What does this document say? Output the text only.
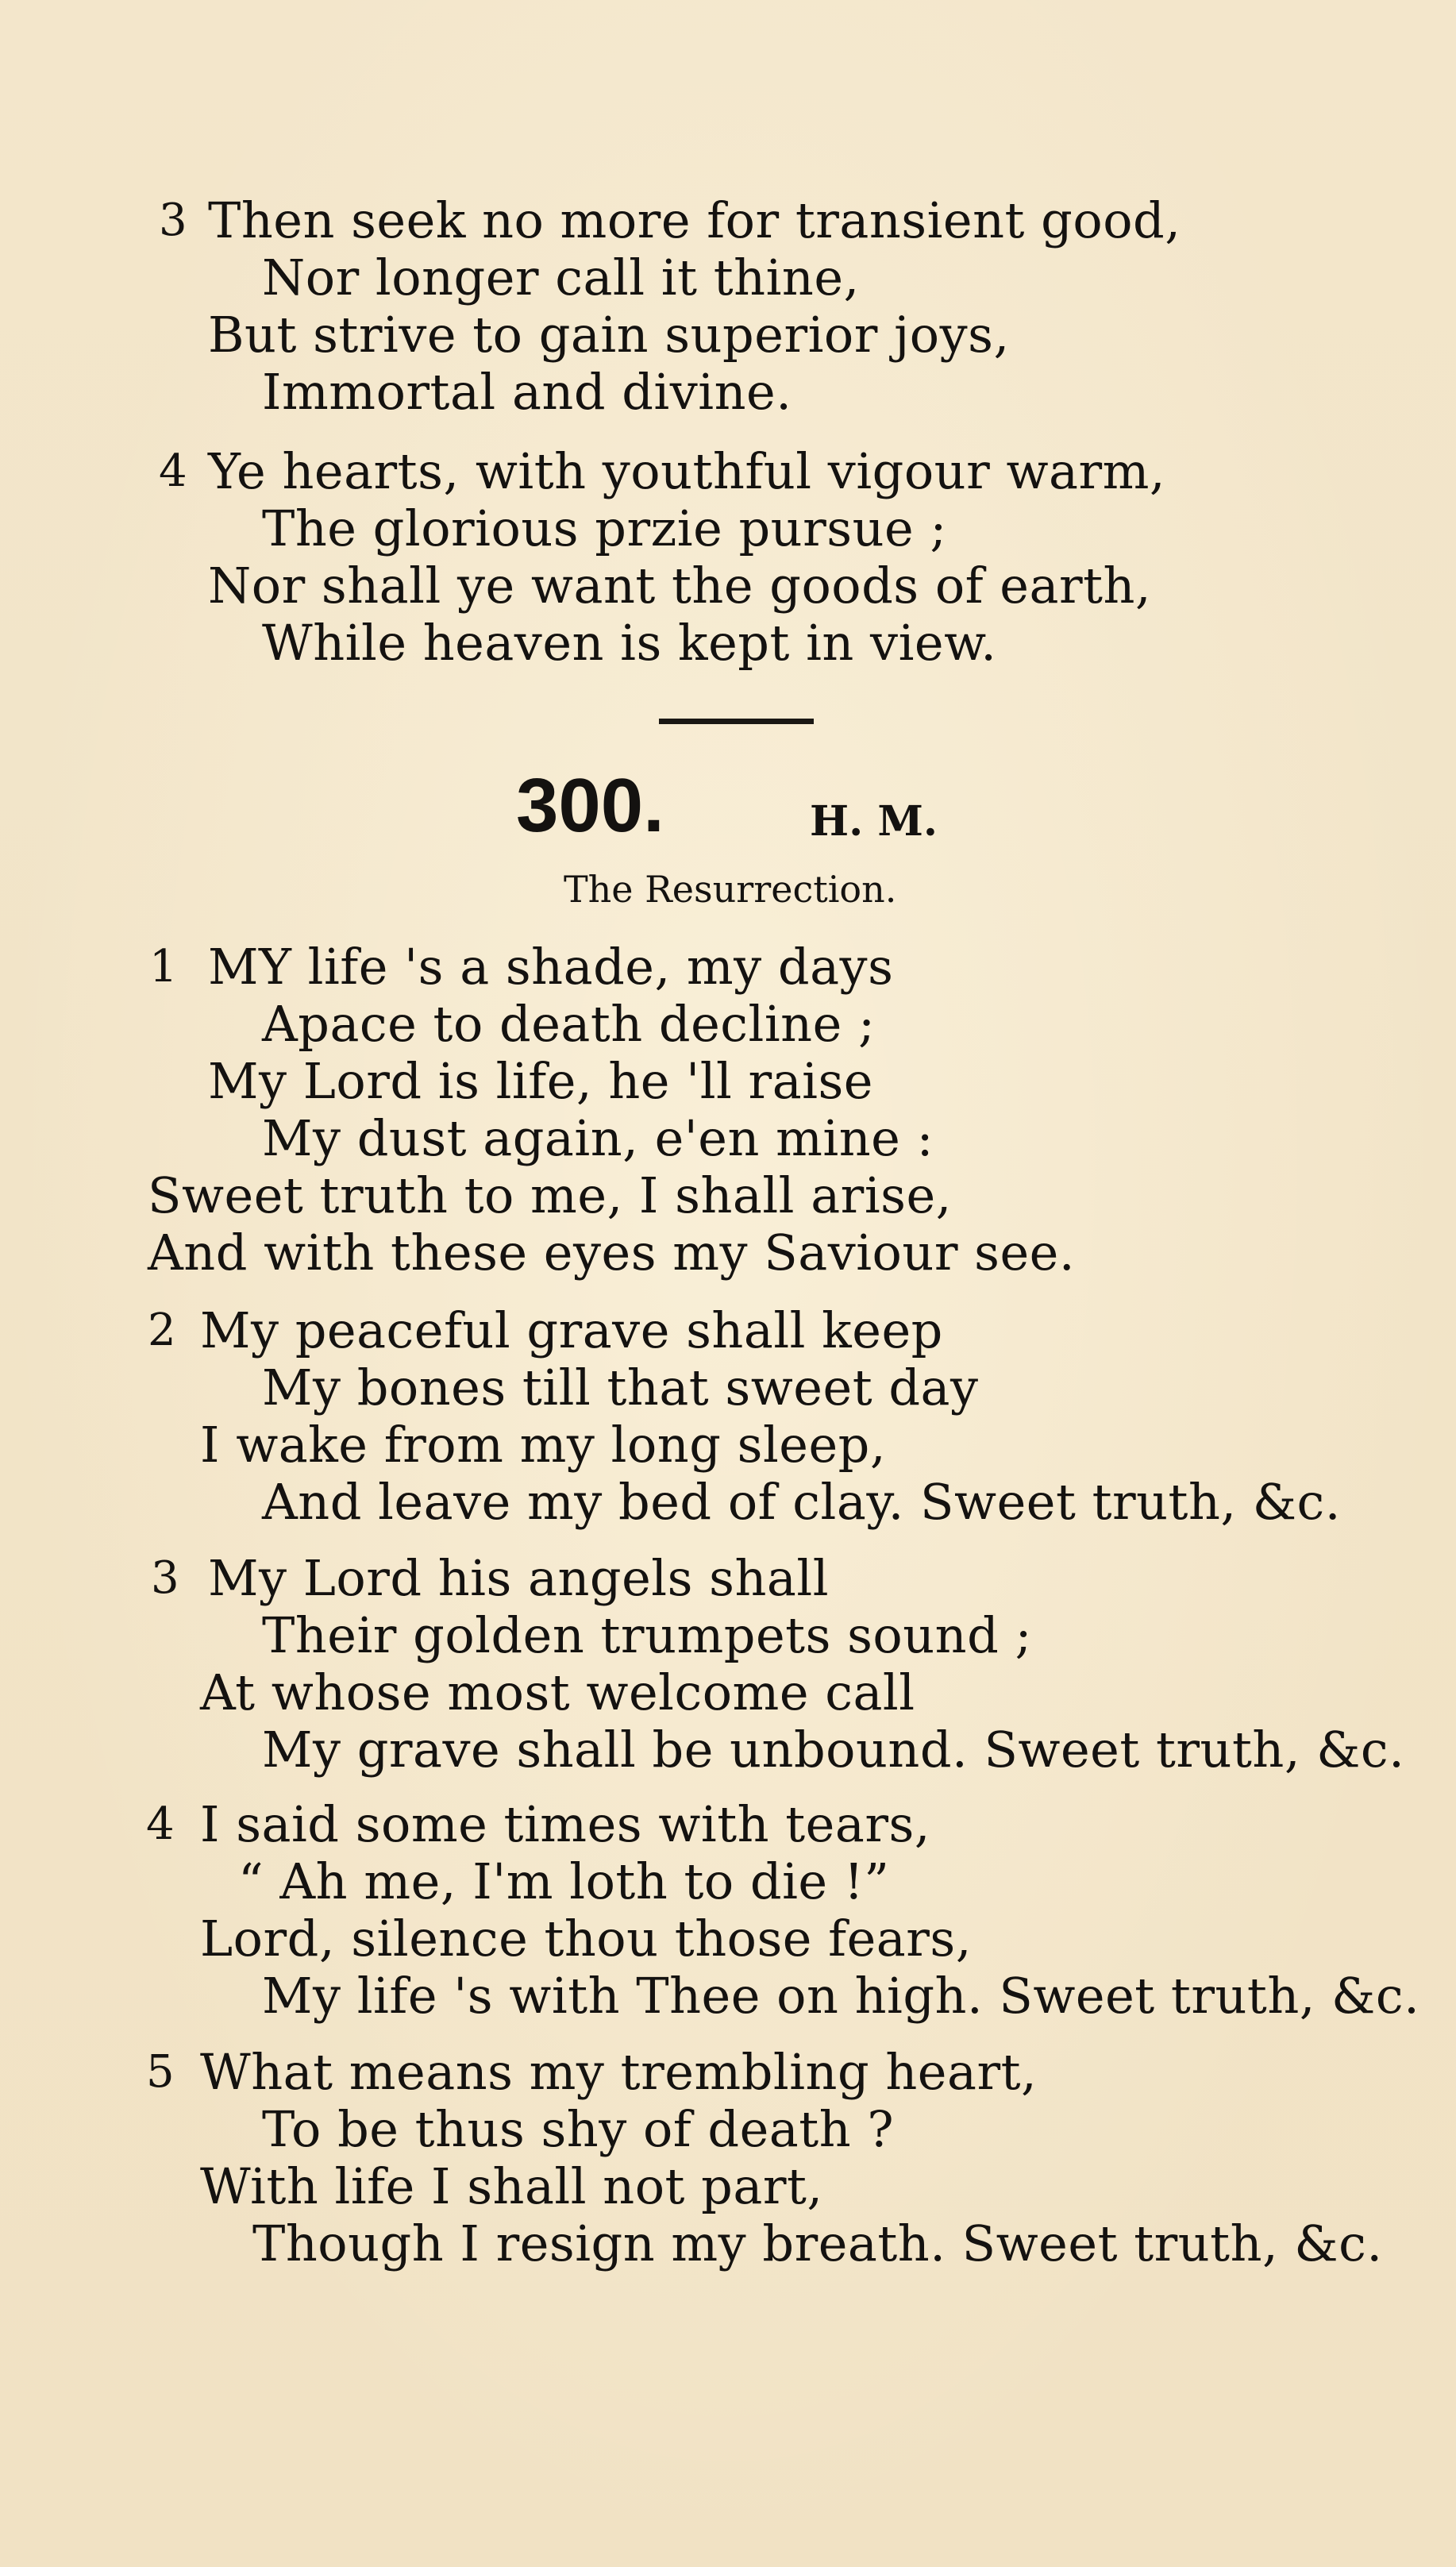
3 Then seek no more for transient good,
Nor longer call it thine,
But strive to gain superior joys,
Immortal and divine.
4 Ye hearts, with youthful vigour warm,
The glorious przie pursue ;
Nor shall ye want the goods of earth,
While heaven is kept in view.
300.	H. M.
The Resurrection.
1 MY life 's a shade, my days
Apace to death decline ;
My Lord is life, he 'll raise
My dust again, e'en mine :
Sweet truth to me, I shall arise,
And with these eyes my Saviour see.
2 My peaceful grave shall keep
My bones till that sweet day
I wake from my long sleep,
And leave my bed of clay. Sweet truth, &c.
3 My Lord his angels shall
Their golden trumpets sound ;
At whose most welcome call
My grave shall be unbound. Sweet truth, &c.
4 I said some times with tears,
“ Ah me, I'm loth to die !”
Lord, silence thou those fears,
My life 's with Thee on high. Sweet truth, &c.
5 What means my trembling heart,
To be thus shy of death ?
With life I shall not part,
Though I resign my breath. Sweet truth, &c.
